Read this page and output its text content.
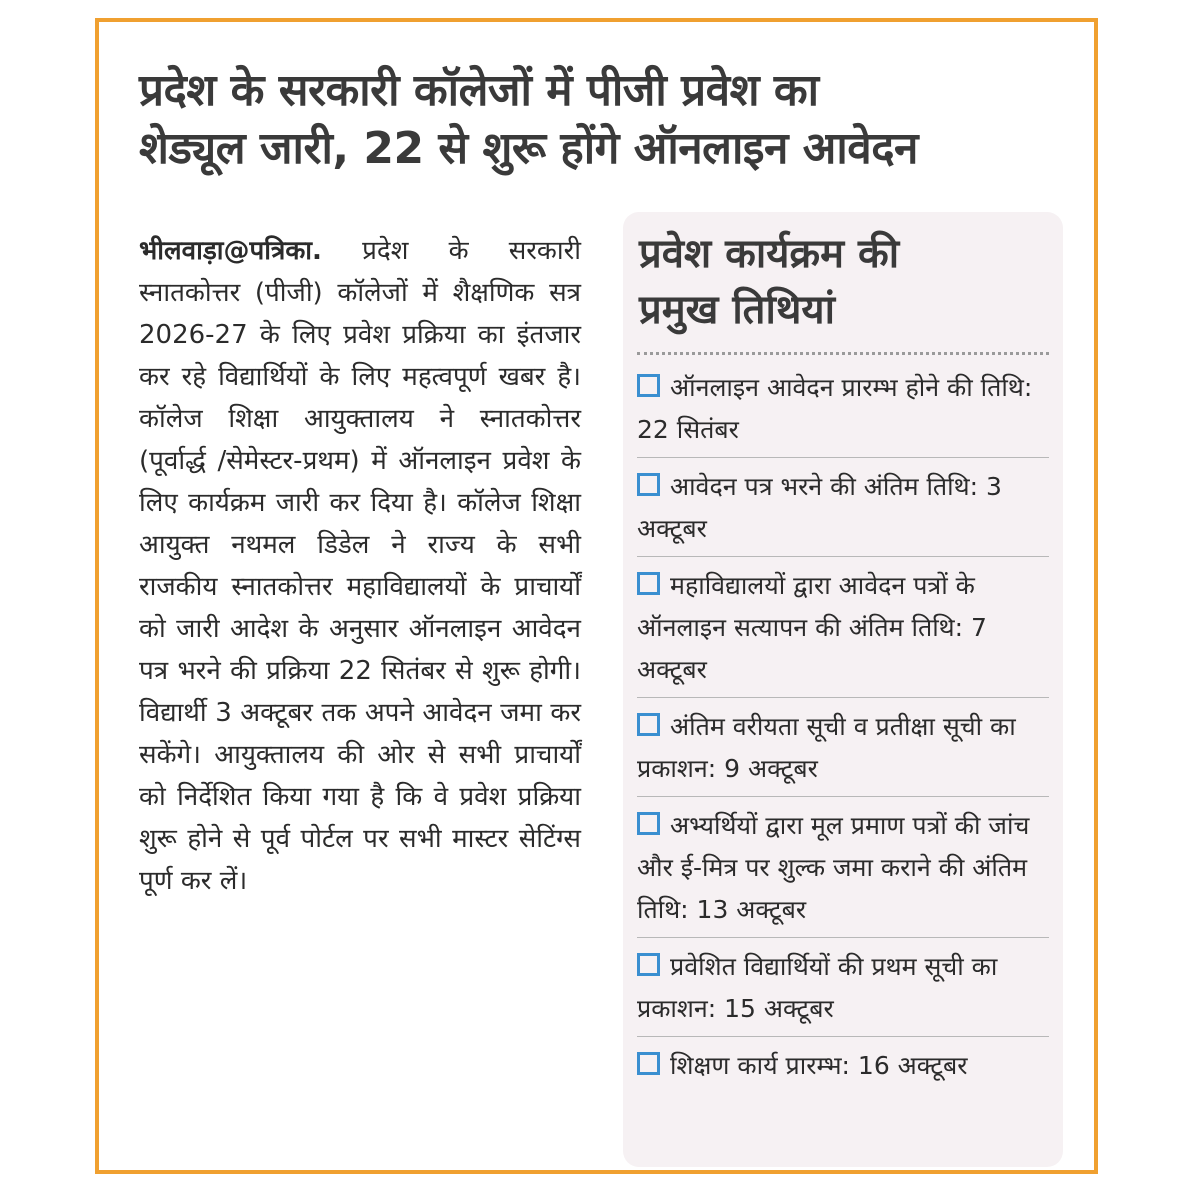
प्रदेश के सरकारी कॉलेजों में पीजी प्रवेश का
शेड्यूल जारी, 22 से शुरू होंगे ऑनलाइन आवेदन

भीलवाड़ा@पत्रिका. प्रदेश के सरकारी स्नातकोत्तर (पीजी) कॉलेजों में शैक्षणिक सत्र 2026-27 के लिए प्रवेश प्रक्रिया का इंतजार कर रहे विद्यार्थियों के लिए महत्वपूर्ण खबर है। कॉलेज शिक्षा आयुक्तालय ने स्नातकोत्तर (पूर्वार्द्ध /सेमेस्टर-प्रथम) में ऑनलाइन प्रवेश के लिए कार्यक्रम जारी कर दिया है। कॉलेज शिक्षा आयुक्त नथमल डिडेल ने राज्य के सभी राजकीय स्नातकोत्तर महाविद्यालयों के प्राचार्यों को जारी आदेश के अनुसार ऑनलाइन आवेदन पत्र भरने की प्रक्रिया 22 सितंबर से शुरू होगी। विद्यार्थी 3 अक्टूबर तक अपने आवेदन जमा कर सकेंगे। आयुक्तालय की ओर से सभी प्राचार्यों को निर्देशित किया गया है कि वे प्रवेश प्रक्रिया शुरू होने से पूर्व पोर्टल पर सभी मास्टर सेटिंग्स पूर्ण कर लें।

प्रवेश कार्यक्रम की
प्रमुख तिथियां
ऑनलाइन आवेदन प्रारम्भ होने की तिथि: 22 सितंबर
आवेदन पत्र भरने की अंतिम तिथि: 3 अक्टूबर
महाविद्यालयों द्वारा आवेदन पत्रों के ऑनलाइन सत्यापन की अंतिम तिथि: 7 अक्टूबर
अंतिम वरीयता सूची व प्रतीक्षा सूची का प्रकाशन: 9 अक्टूबर
अभ्यर्थियों द्वारा मूल प्रमाण पत्रों की जांच और ई-मित्र पर शुल्क जमा कराने की अंतिम तिथि: 13 अक्टूबर
प्रवेशित विद्यार्थियों की प्रथम सूची का प्रकाशन: 15 अक्टूबर
शिक्षण कार्य प्रारम्भ: 16 अक्टूबर
